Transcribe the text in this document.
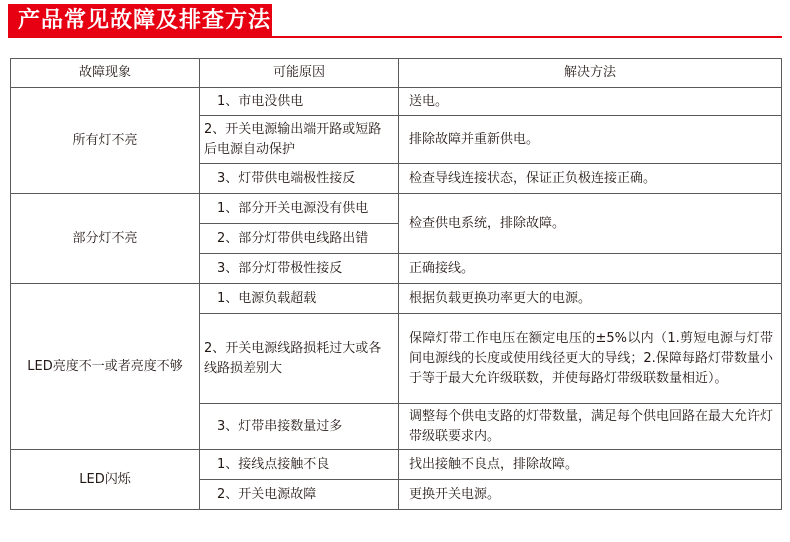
产品常见故障及排查方法
故障现象	可能原因	解决方法
所有灯不亮	1、市电没供电	送电。
	2、开关电源输出端开路或短路后电源自动保护	排除故障并重新供电。
	3、灯带供电端极性接反	检查导线连接状态，保证正负极连接正确。
部分灯不亮	1、部分开关电源没有供电	检查供电系统，排除故障。
	2、部分灯带供电线路出错	
	3、部分灯带极性接反	正确接线。
LED亮度不一或者亮度不够	1、电源负载超载	根据负载更换功率更大的电源。
	2、开关电源线路损耗过大或各线路损差别大	保障灯带工作电压在额定电压的±5%以内（1.剪短电源与灯带间电源线的长度或使用线径更大的导线；2.保障每路灯带数量小于等于最大允许级联数，并使每路灯带级联数量相近）。
	3、灯带串接数量过多	调整每个供电支路的灯带数量，满足每个供电回路在最大允许灯带级联要求内。
LED闪烁	1、接线点接触不良	找出接触不良点，排除故障。
	2、开关电源故障	更换开关电源。
